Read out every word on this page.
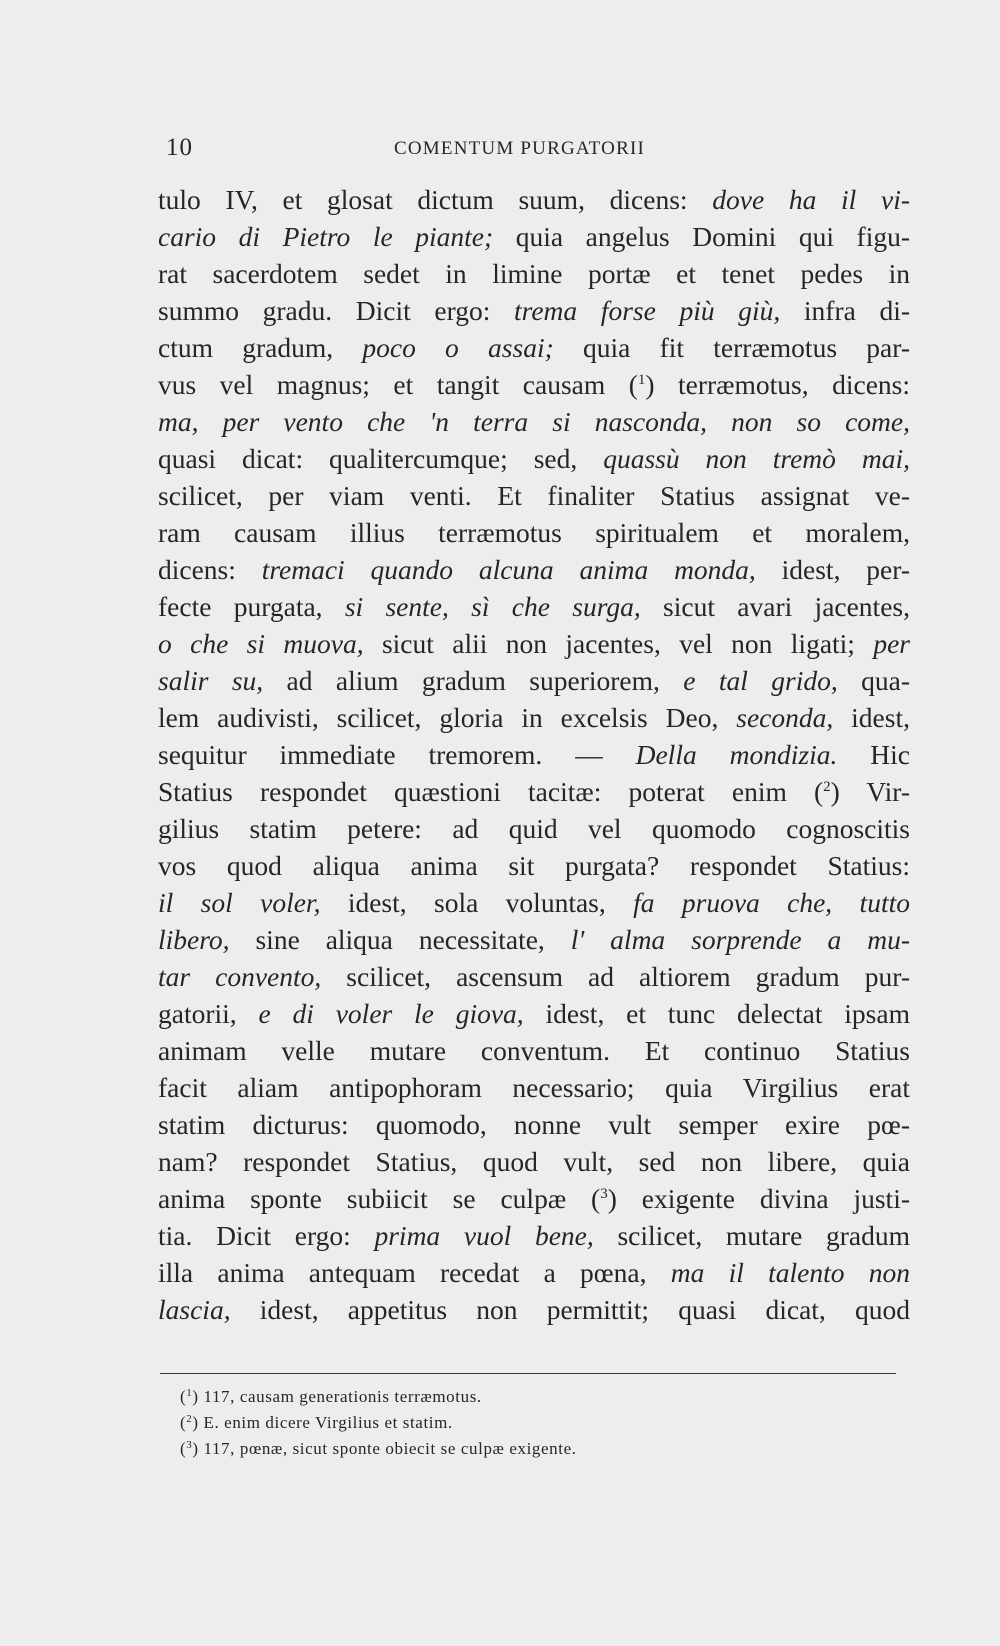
10	COMENTUM PURGATORII
tulo IV, et glosat dictum suum, dicens: dove ha il vi-
cario di Pietro le piante; quia angelus Domini qui figu-
rat sacerdotem sedet in limine portæ et tenet pedes in
summo gradu. Dicit ergo: trema forse più giù, infra di-
ctum gradum, poco o assai; quia fit terræmotus par-
vus vel magnus; et tangit causam ($^1$) terræmotus, dicens:
ma, per vento che 'n terra si nasconda, non so come,
quasi dicat: qualitercumque; sed, quassù non tremò mai,
scilicet, per viam venti. Et finaliter Statius assignat ve-
ram causam illius terræmotus spiritualem et moralem,
dicens: tremaci quando alcuna anima monda, idest, per-
fecte purgata, si sente, sì che surga, sicut avari jacentes,
o che si muova, sicut alii non jacentes, vel non ligati; per
salir su, ad alium gradum superiorem, e tal grido, qua-
lem audivisti, scilicet, gloria in excelsis Deo, seconda, idest,
sequitur immediate tremorem. — Della mondizia. Hic
Statius respondet quæstioni tacitæ: poterat enim ($^2$) Vir-
gilius statim petere: ad quid vel quomodo cognoscitis
vos quod aliqua anima sit purgata? respondet Statius:
il sol voler, idest, sola voluntas, fa pruova che, tutto
libero, sine aliqua necessitate, l' alma sorprende a mu-
tar convento, scilicet, ascensum ad altiorem gradum pur-
gatorii, e di voler le giova, idest, et tunc delectat ipsam
animam velle mutare conventum. Et continuo Statius
facit aliam antipophoram necessario; quia Virgilius erat
statim dicturus: quomodo, nonne vult semper exire pœ-
nam? respondet Statius, quod vult, sed non libere, quia
anima sponte subiicit se culpæ ($^3$) exigente divina justi-
tia. Dicit ergo: prima vuol bene, scilicet, mutare gradum
illa anima antequam recedat a pœna, ma il talento non
lascia, idest, appetitus non permittit; quasi dicat, quod
($^1$) 117, causam generationis terræmotus.
($^2$) E. enim dicere Virgilius et statim.
($^3$) 117, pœnæ, sicut sponte obiecit se culpæ exigente.
